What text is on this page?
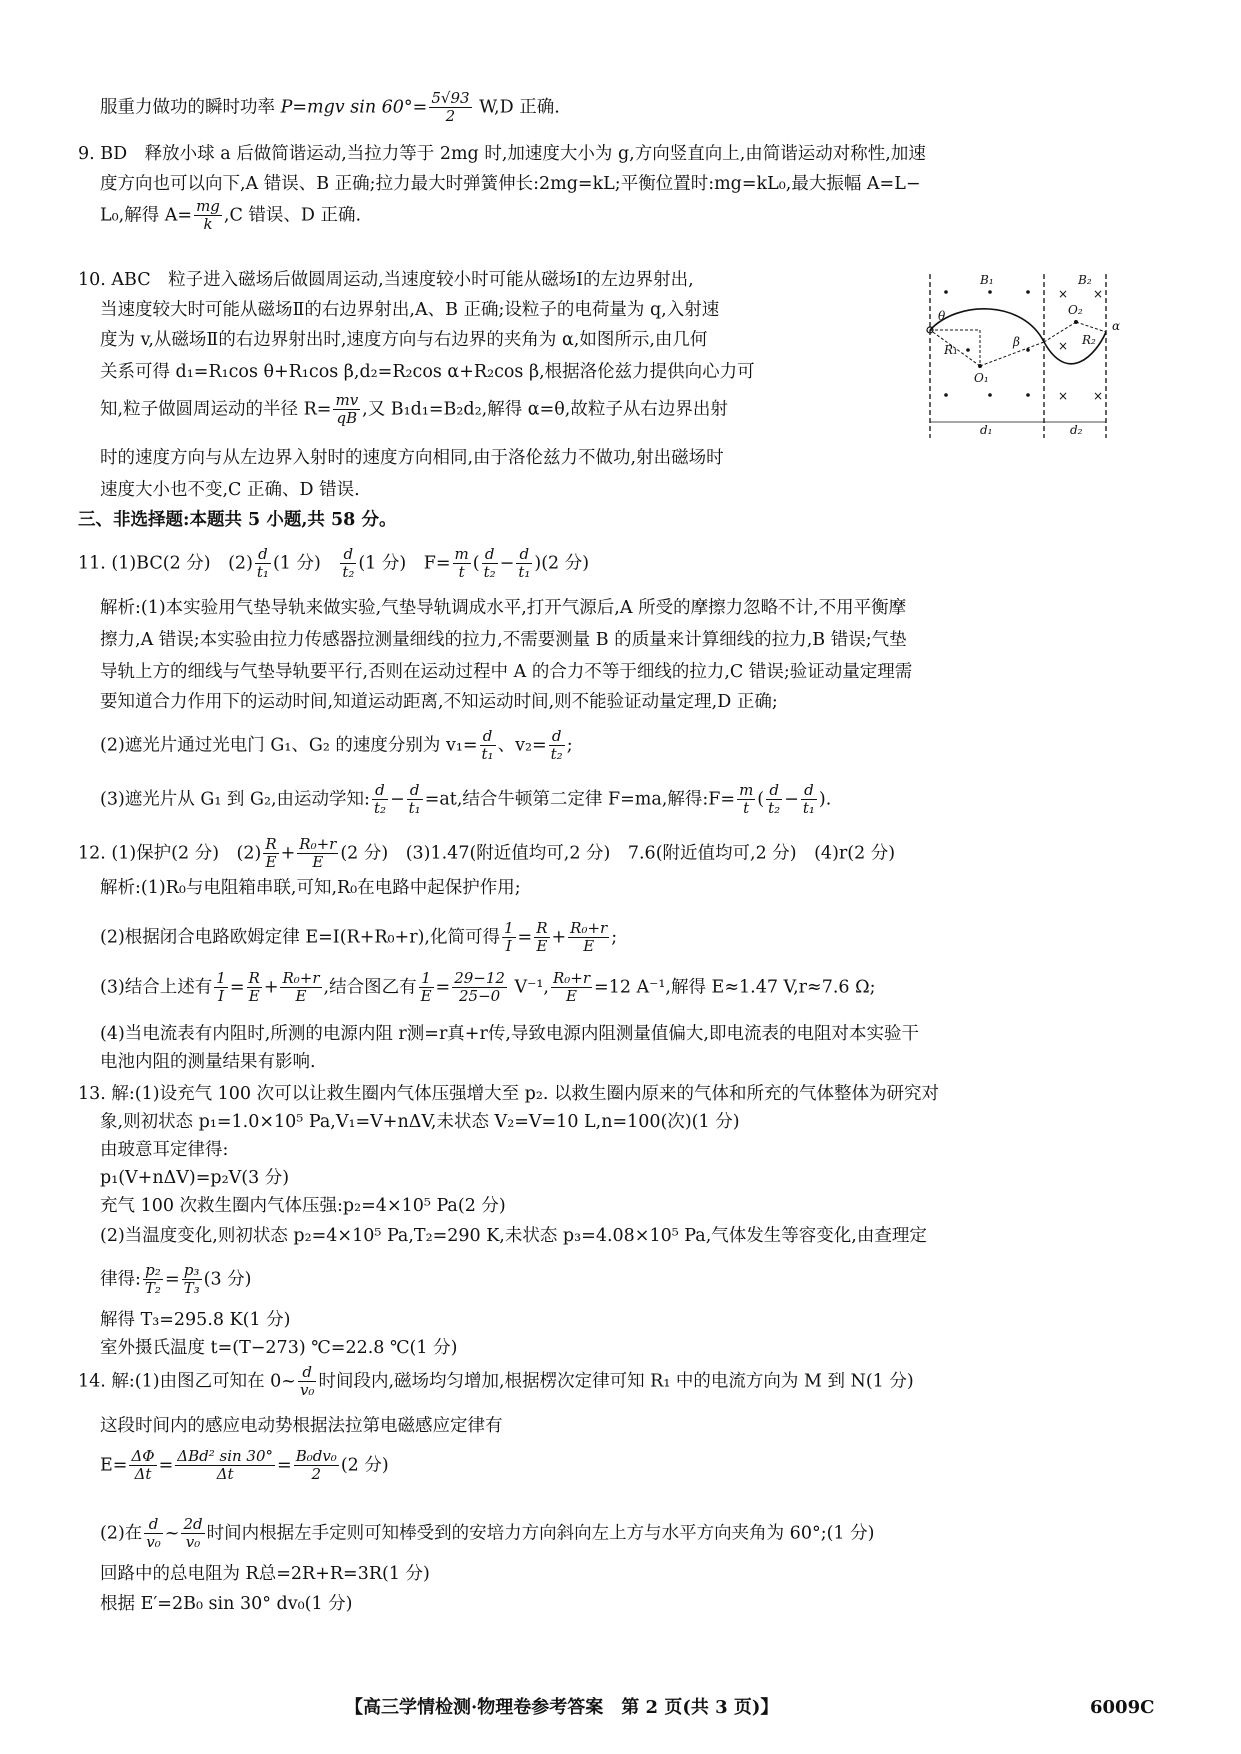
服重力做功的瞬时功率 P=mgv $\sin 60^\circ= \frac{5√93}{2} W,D$ 正确.
9. BD　释放小球 a 后做简谐运动,当拉力等于 2mg 时,加速度大小为 g,方向竖直向上,由简谐运动对称性,加速
度方向也可以向下,A 错误、B 正确;拉力最大时弹簧伸长:2mg=kL;平衡位置时:mg=kL₀,最大振幅 A=L−
L₀,解得 $A= \frac{mg}{k} ,C$ 错误、D 正确.
10. ABC　粒子进入磁场后做圆周运动,当速度较小时可能从磁场Ⅰ的左边界射出,
当速度较大时可能从磁场Ⅱ的右边界射出,A、B 正确;设粒子的电荷量为 q,入射速
度为 v,从磁场Ⅱ的右边界射出时,速度方向与右边界的夹角为 α,如图所示,由几何
关系可得 d₁=R₁cos θ+R₁cos β,d₂=R₂cos α+R₂cos β,根据洛伦兹力提供向心力可
知,粒子做圆周运动的半径 $R= \frac{mv}{qB}$ ,又 B₁d₁=B₂d₂,解得 α=θ,故粒子从右边界出射
时的速度方向与从左边界入射时的速度方向相同,由于洛伦兹力不做功,射出磁场时
速度大小也不变,C 正确、D 错误.
× ×
×
× ×
B₁	B₂
θ
α
β
O₁
O₂
R₁
R₂
d₁	d₂
三、非选择题:本题共 5 小题,共 58 分。
11. (1)BC(2 分)　$(2) \frac{d}{\text{t₁}} (1$ 分)　 $\frac{d}{\text{t₂}} (1$ 分)　$F= \frac{m}{t}$ ( $\frac{d}{\text{t₂}} - \frac{d}{\text{t₁}} )(2$ 分)
解析:(1)本实验用气垫导轨来做实验,气垫导轨调成水平,打开气源后,A 所受的摩擦力忽略不计,不用平衡摩
擦力,A 错误;本实验由拉力传感器拉测量细线的拉力,不需要测量 B 的质量来计算细线的拉力,B 错误;气垫
导轨上方的细线与气垫导轨要平行,否则在运动过程中 A 的合力不等于细线的拉力,C 错误;验证动量定理需
要知道合力作用下的运动时间,知道运动距离,不知运动时间,则不能验证动量定理,D 正确;
(2)遮光片通过光电门 G₁、G₂ 的速度分别为 $v_1= \frac{d}{\text{t₁}}$ 、$v_2= \frac{d}{\text{t₂}}$ ;
(3)遮光片从 G₁ 到 G₂,由运动学知: $\frac{d}{\text{t₂}} - \frac{d}{\text{t₁}} =at$,结合牛顿第二定律 F=ma,解得:F= $\frac{m}{t}$ ( $\frac{d}{\text{t₂}} - \frac{d}{\text{t₁}}$ ).
12. (1)保护(2 分)　$(2) \frac{R}{E} + \frac{\text{R₀+r}}{E} (2$ 分)　(3)1.47(附近值均可,2 分)　7.6(附近值均可,2 分)　(4)r(2 分)
解析:(1)R₀与电阻箱串联,可知,R₀在电路中起保护作用;
(2)根据闭合电路欧姆定律 E=I(R+R₀+r),化简可得 $\frac{1}{I} = \frac{R}{E} + \frac{\text{R₀+r}}{E}$ ;
(3)结合上述有 $\frac{1}{I} = \frac{R}{E} + \frac{\text{R₀+r}}{E}$ ,结合图乙有 $\frac{1}{E} = \frac{29-12}{25-0} V^{-1}$, $\frac{\text{R₀+r}}{E} =12$ A⁻¹,解得 E≈1.47 V,r≈7.6 Ω;
(4)当电流表有内阻时,所测的电源内阻 r测=r真+r传,导致电源内阻测量值偏大,即电流表的电阻对本实验干
电池内阻的测量结果有影响.
13. 解:(1)设充气 100 次可以让救生圈内气体压强增大至 p₂. 以救生圈内原来的气体和所充的气体整体为研究对
象,则初状态 p₁=1.0×10⁵ Pa,V₁=V+nΔV,未状态 V₂=V=10 L,n=100(次)(1 分)
由玻意耳定律得:
p₁(V+nΔV)=p₂V(3 分)
充气 100 次救生圈内气体压强:p₂=4×10⁵ Pa(2 分)
(2)当温度变化,则初状态 p₂=4×10⁵ Pa,T₂=290 K,未状态 p₃=4.08×10⁵ Pa,气体发生等容变化,由查理定
律得: $\frac{\text{p₂}}{\text{T₂}} = \frac{\text{p₃}}{\text{T₃}} (3$ 分)
解得 T₃=295.8 K(1 分)
室外摄氏温度 t=(T−273) ℃=22.8 ℃(1 分)
14. 解:(1)由图乙可知在 0~ $\frac{d}{\text{v₀}}$ 时间段内,磁场均匀增加,根据楞次定律可知 R₁ 中的电流方向为 M 到 N(1 分)
这段时间内的感应电动势根据法拉第电磁感应定律有
$E= \frac{\Delta\Phi}{\Delta t} = \frac{\text{ΔBd² sin 30°}}{\Delta t} = \frac{\text{B₀dv₀}}{2} (2$ 分)
(2)在 $\frac{d}{\text{v₀}}$ ~ $\frac{2d}{\text{v₀}}$ 时间内根据左手定则可知棒受到的安培力方向斜向左上方与水平方向夹角为 60°;(1 分)
回路中的总电阻为 R总=2R+R=3R(1 分)
根据 E′=2B₀ sin 30° dv₀(1 分)
【高三学情检测·物理卷参考答案　第 2 页(共 3 页)】	6009C
